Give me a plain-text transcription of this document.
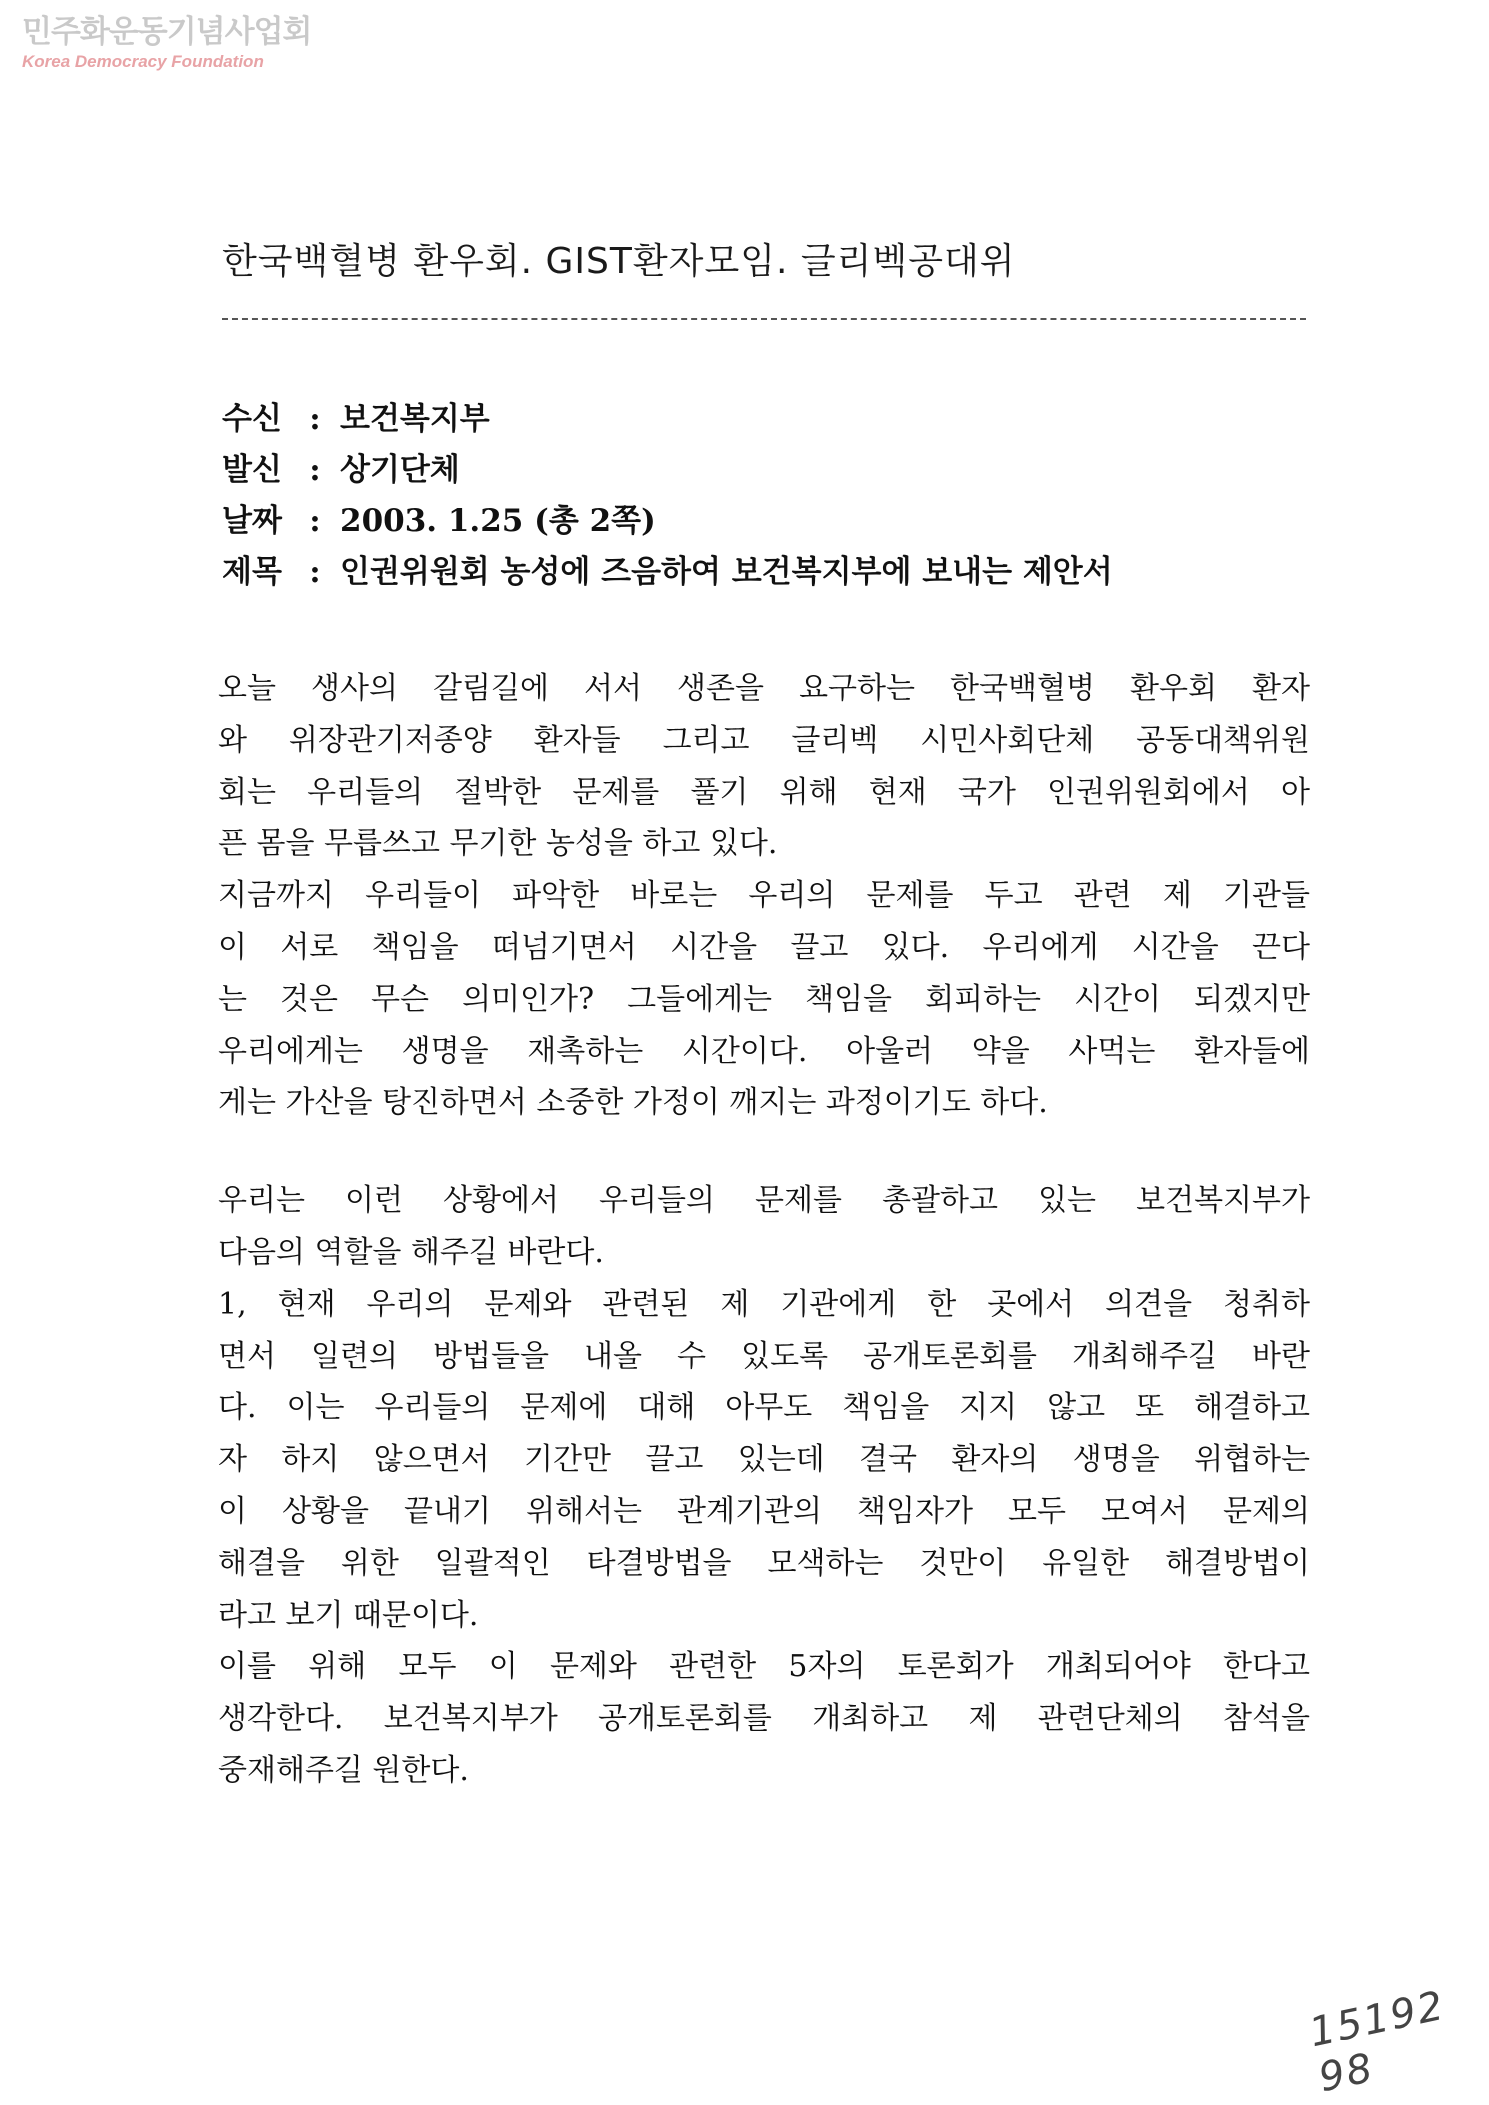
민주화운동기념사업회
Korea Democracy Foundation
한국백혈병 환우회. GIST환자모임. 글리벡공대위
수신 : 보건복지부
발신 : 상기단체
날짜 : 2003. 1.25 (총 2쪽)
제목 : 인권위원회 농성에 즈음하여 보건복지부에 보내는 제안서
오늘 생사의 갈림길에 서서 생존을 요구하는 한국백혈병 환우회 환자
와 위장관기저종양 환자들 그리고 글리벡 시민사회단체 공동대책위원
회는 우리들의 절박한 문제를 풀기 위해 현재 국가 인권위원회에서 아
픈 몸을 무릅쓰고 무기한 농성을 하고 있다.
지금까지 우리들이 파악한 바로는 우리의 문제를 두고 관련 제 기관들
이 서로 책임을 떠넘기면서 시간을 끌고 있다. 우리에게 시간을 끈다
는 것은 무슨 의미인가? 그들에게는 책임을 회피하는 시간이 되겠지만
우리에게는 생명을 재촉하는 시간이다. 아울러 약을 사먹는 환자들에
게는 가산을 탕진하면서 소중한 가정이 깨지는 과정이기도 하다.
우리는 이런 상황에서 우리들의 문제를 총괄하고 있는 보건복지부가
다음의 역할을 해주길 바란다.
1, 현재 우리의 문제와 관련된 제 기관에게 한 곳에서 의견을 청취하
면서 일련의 방법들을 내올 수 있도록 공개토론회를 개최해주길 바란
다. 이는 우리들의 문제에 대해 아무도 책임을 지지 않고 또 해결하고
자 하지 않으면서 기간만 끌고 있는데 결국 환자의 생명을 위협하는
이 상황을 끝내기 위해서는 관계기관의 책임자가 모두 모여서 문제의
해결을 위한 일괄적인 타결방법을 모색하는 것만이 유일한 해결방법이
라고 보기 때문이다.
이를 위해 모두 이 문제와 관련한 5자의 토론회가 개최되어야 한다고
생각한다. 보건복지부가 공개토론회를 개최하고 제 관련단체의 참석을
중재해주길 원한다.
15192 98
